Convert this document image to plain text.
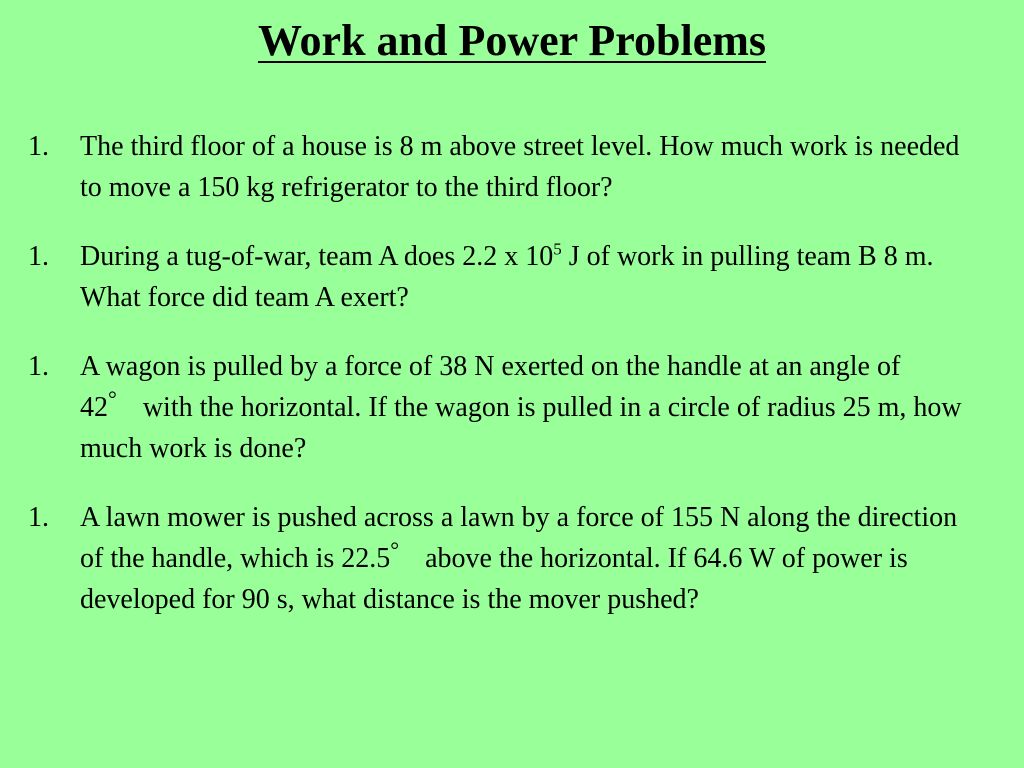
Work and Power Problems
1. The third floor of a house is 8 m above street level. How much work is needed to move a 150 kg refrigerator to the third floor?
1. During a tug-of-war, team A does 2.2 x $10^5$ J of work in pulling team B 8 m. What force did team A exert?
1. A wagon is pulled by a force of 38 N exerted on the handle at an angle of 42° with the horizontal. If the wagon is pulled in a circle of radius 25 m, how much work is done?
1. A lawn mower is pushed across a lawn by a force of 155 N along the direction of the handle, which is 22.5° above the horizontal. If 64.6 W of power is developed for 90 s, what distance is the mover pushed?
